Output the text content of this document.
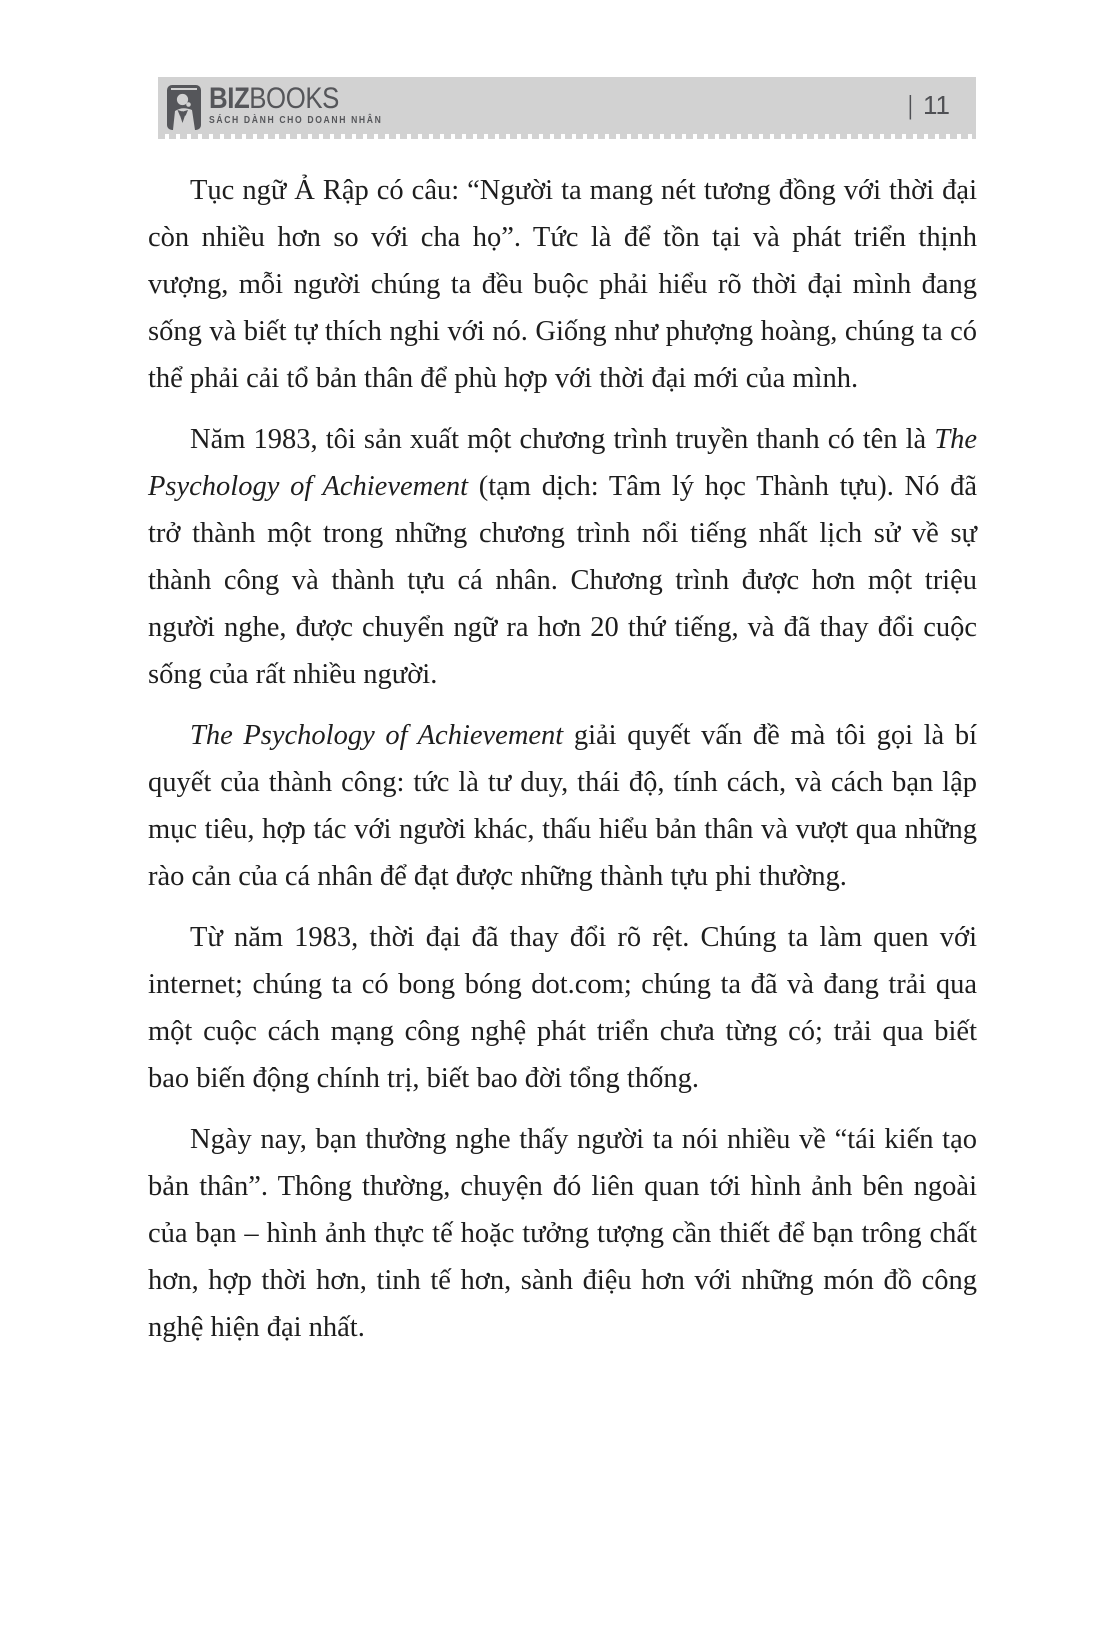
BIZBOOKS
SÁCH DÀNH CHO DOANH NHÂN
| 11

Tục ngữ Ả Rập có câu: “Người ta mang nét tương đồng với thời đại còn nhiều hơn so với cha họ”. Tức là để tồn tại và phát triển thịnh vượng, mỗi người chúng ta đều buộc phải hiểu rõ thời đại mình đang sống và biết tự thích nghi với nó. Giống như phượng hoàng, chúng ta có thể phải cải tổ bản thân để phù hợp với thời đại mới của mình.

Năm 1983, tôi sản xuất một chương trình truyền thanh có tên là The Psychology of Achievement (tạm dịch: Tâm lý học Thành tựu). Nó đã trở thành một trong những chương trình nổi tiếng nhất lịch sử về sự thành công và thành tựu cá nhân. Chương trình được hơn một triệu người nghe, được chuyển ngữ ra hơn 20 thứ tiếng, và đã thay đổi cuộc sống của rất nhiều người.

The Psychology of Achievement giải quyết vấn đề mà tôi gọi là bí quyết của thành công: tức là tư duy, thái độ, tính cách, và cách bạn lập mục tiêu, hợp tác với người khác, thấu hiểu bản thân và vượt qua những rào cản của cá nhân để đạt được những thành tựu phi thường.

Từ năm 1983, thời đại đã thay đổi rõ rệt. Chúng ta làm quen với internet; chúng ta có bong bóng dot.com; chúng ta đã và đang trải qua một cuộc cách mạng công nghệ phát triển chưa từng có; trải qua biết bao biến động chính trị, biết bao đời tổng thống.

Ngày nay, bạn thường nghe thấy người ta nói nhiều về “tái kiến tạo bản thân”. Thông thường, chuyện đó liên quan tới hình ảnh bên ngoài của bạn – hình ảnh thực tế hoặc tưởng tượng cần thiết để bạn trông chất hơn, hợp thời hơn, tinh tế hơn, sành điệu hơn với những món đồ công nghệ hiện đại nhất.
